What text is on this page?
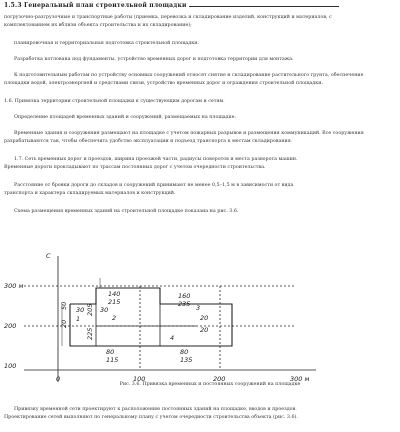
1.5.3 Генеральный план строительной площадки
погрузочно-разгрузочные и транспортные работы (приемка, перевозка и складирование изделий, конструкций и материалов, с
комплектованием их вблизи объекта строительства и их складирование);
планировочная и территориальная подготовка строительной площадки.
Разработка котлована под фундаменты, устройство временных дорог и подготовка территории для монтажа.
К подготовительным работам по устройству основных сооружений относят снятие и складирование растительного грунта, обеспечение
площадки водой, электроэнергией и средствами связи, устройство временных дорог и ограждения строительной площадки.
1.6. Привязка территории строительной площадки к существующим дорогам и сетям.
Определение площадей временных зданий и сооружений, размещаемых на площадке.
Временные здания и сооружения размещают на площадке с учетом пожарных разрывов и размещения коммуникаций. Все сооружения
разрабатываются так, чтобы обеспечить удобство эксплуатации и подъезд транспорта к местам складирования.
1.7. Сеть временных дорог и проездов, ширина проезжей части, радиусы поворотов и места разворота машин.
Временные дороги прокладывают по трассам постоянных дорог с учетом очередности строительства.
Расстояние от бровки дороги до складов и сооружений принимают не менее 0,5–1,5 м в зависимости от вида
транспорта и характера складируемых материалов и конструкций.
Схема размещения временных зданий на строительной площадке показана на рис. 3.6.
С
300 м
200
100
0	100	200	300 м
1	2
3
4
140
215
160
235
80
115
80
135
20
50	205
225
30 30
20
20
Рис. 3.6. Привязка временных и постоянных сооружений на площадке
Привязку временной сети проектируют к расположению постоянных зданий на площадке, вводов и проездов.
Проектирование сетей выполняют по генеральному плану с учетом очередности строительства объекта (рис. 3.6).
